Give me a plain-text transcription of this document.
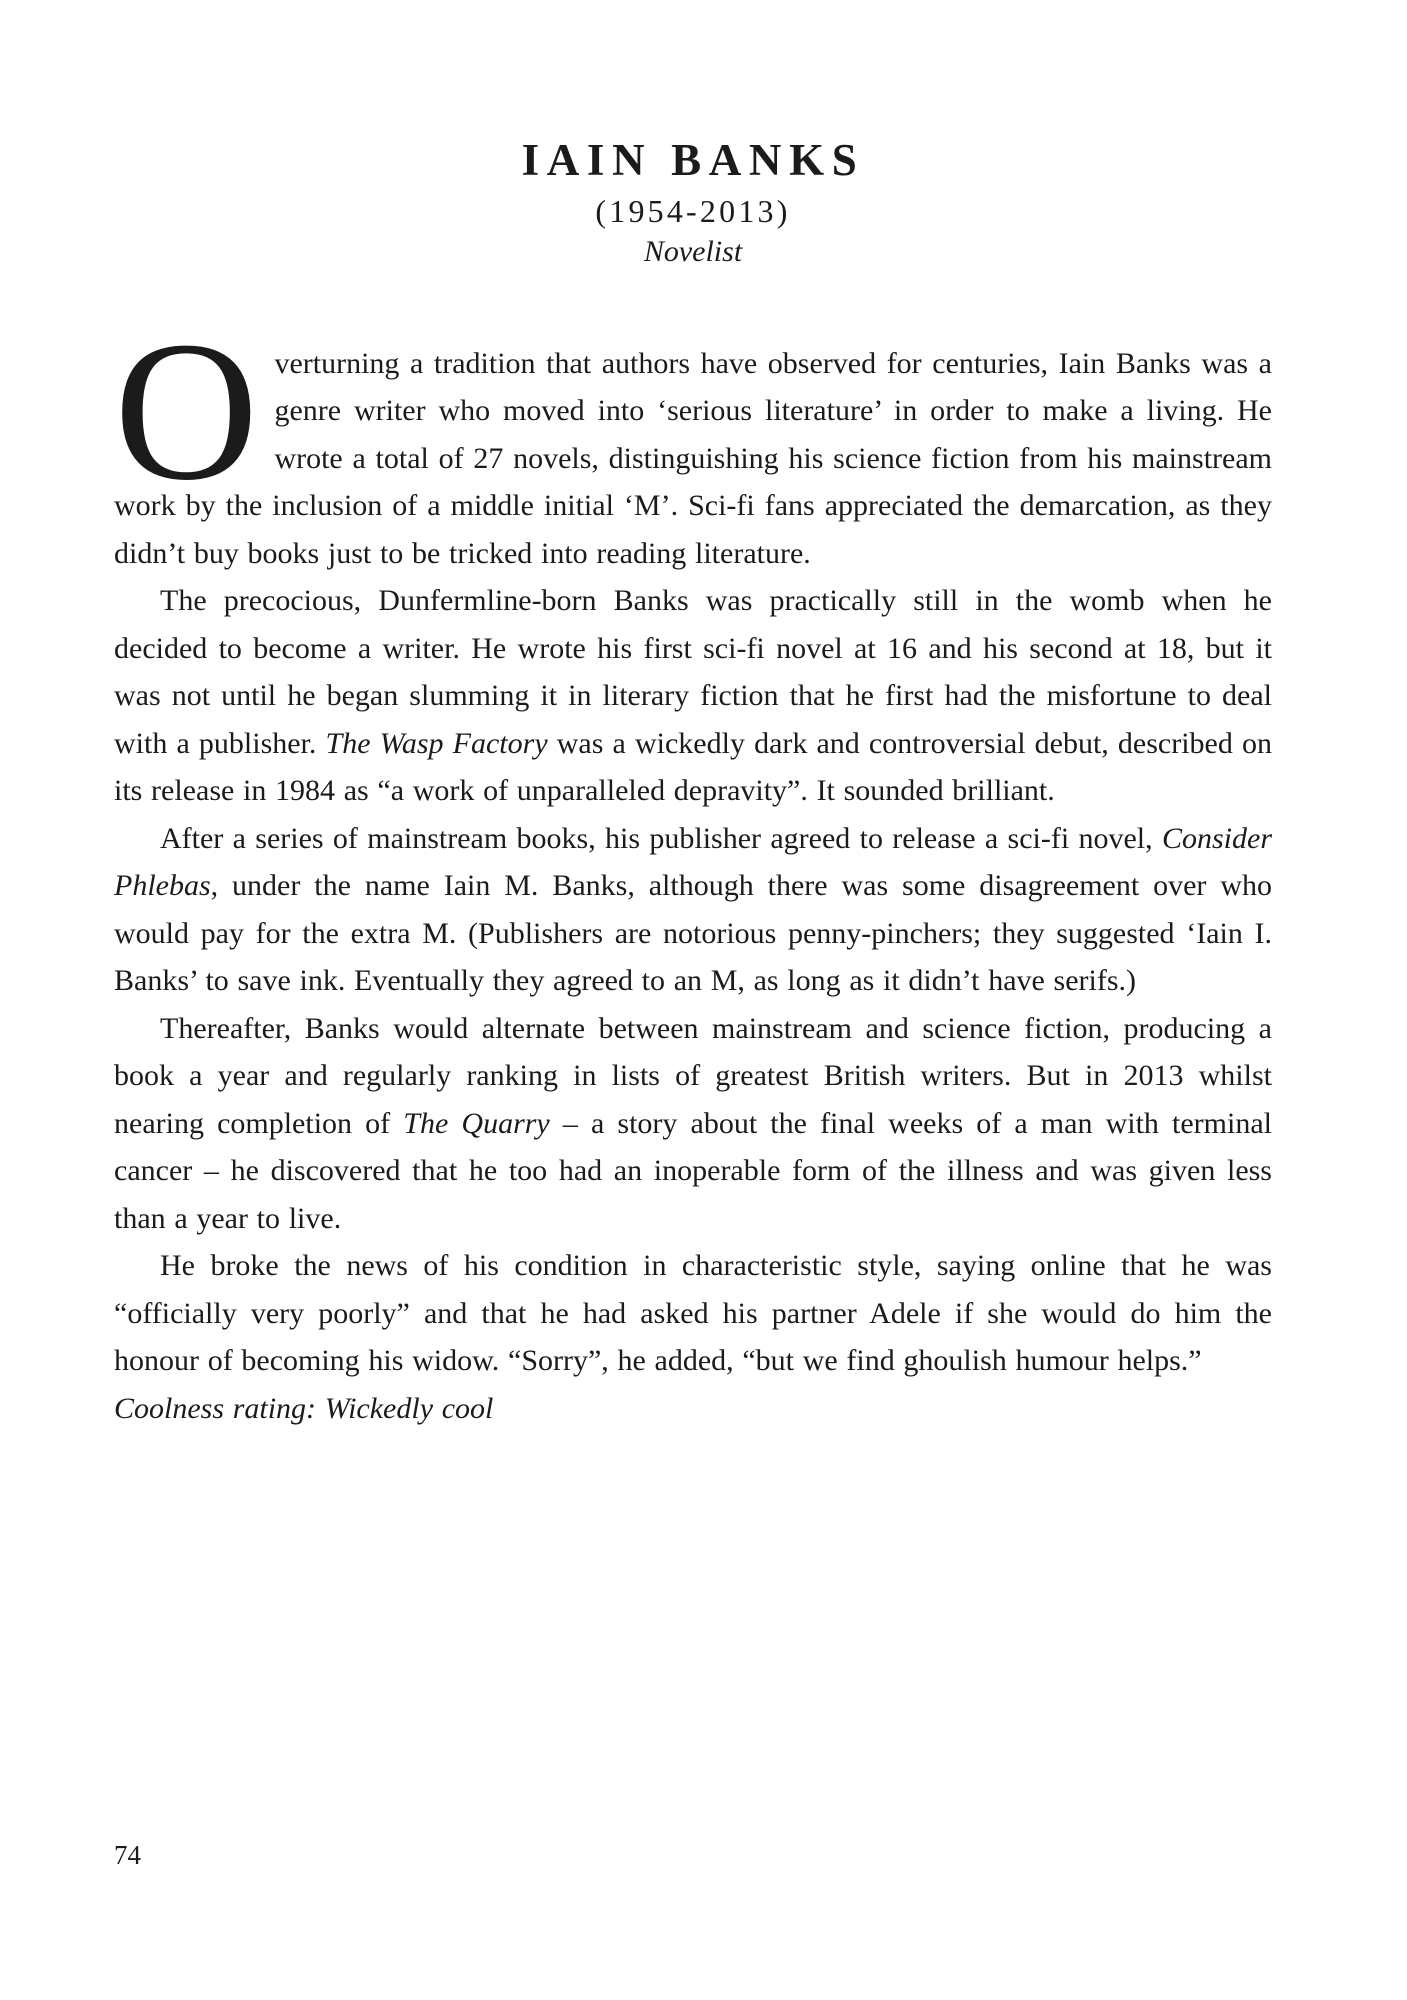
IAIN BANKS
(1954-2013)
Novelist

Overturning a tradition that authors have observed for centuries, Iain Banks was a genre writer who moved into ‘serious literature’ in order to make a living. He wrote a total of 27 novels, distinguishing his science fiction from his mainstream work by the inclusion of a middle initial ‘M’. Sci-fi fans appreciated the demarcation, as they didn’t buy books just to be tricked into reading literature.

The precocious, Dunfermline-born Banks was practically still in the womb when he decided to become a writer. He wrote his first sci-fi novel at 16 and his second at 18, but it was not until he began slumming it in literary fiction that he first had the misfortune to deal with a publisher. The Wasp Factory was a wickedly dark and controversial debut, described on its release in 1984 as “a work of unparalleled depravity”. It sounded brilliant.

After a series of mainstream books, his publisher agreed to release a sci-fi novel, Consider Phlebas, under the name Iain M. Banks, although there was some disagreement over who would pay for the extra M. (Publishers are notorious penny-pinchers; they suggested ‘Iain I. Banks’ to save ink. Eventually they agreed to an M, as long as it didn’t have serifs.)

Thereafter, Banks would alternate between mainstream and science fiction, producing a book a year and regularly ranking in lists of greatest British writers. But in 2013 whilst nearing completion of The Quarry – a story about the final weeks of a man with terminal cancer – he discovered that he too had an inoperable form of the illness and was given less than a year to live.

He broke the news of his condition in characteristic style, saying online that he was “officially very poorly” and that he had asked his partner Adele if she would do him the honour of becoming his widow. “Sorry”, he added, “but we find ghoulish humour helps.”

Coolness rating: Wickedly cool

74
